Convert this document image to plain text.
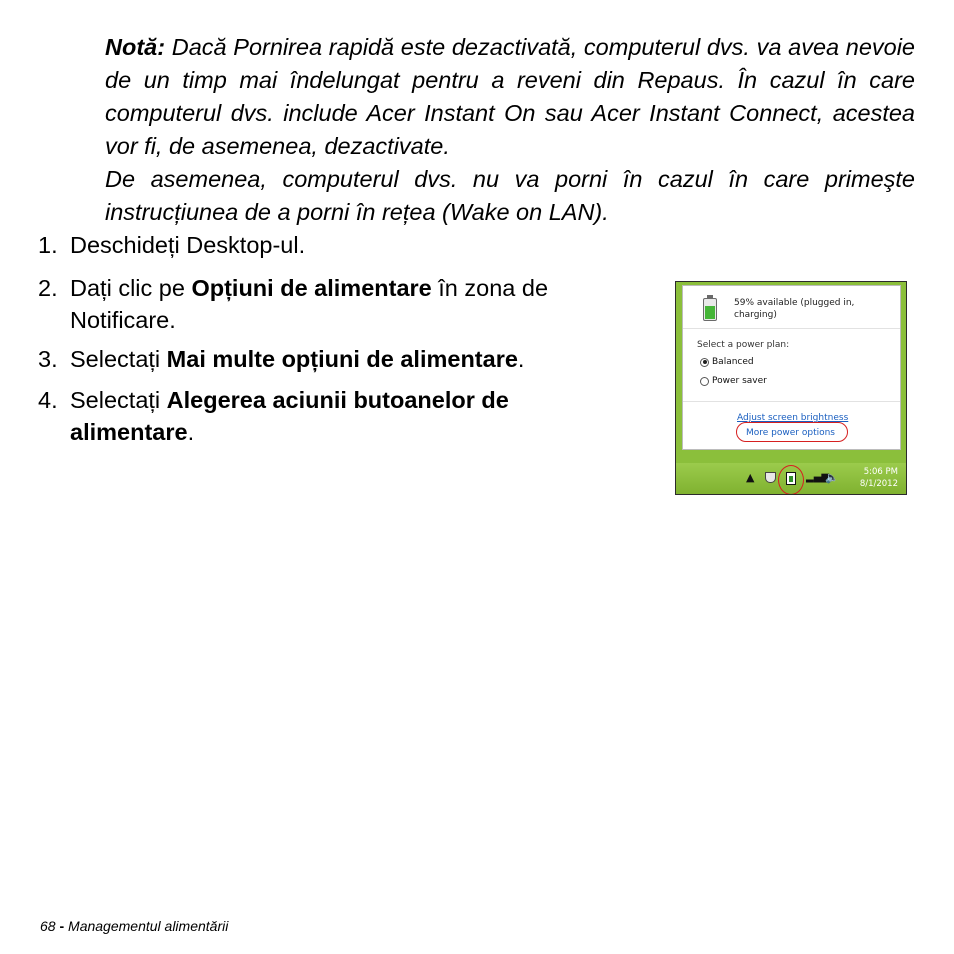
Notă: Dacă Pornirea rapidă este dezactivată, computerul dvs. va avea nevoie de un timp mai îndelungat pentru a reveni din Repaus. În cazul în care computerul dvs. include Acer Instant On sau Acer Instant Connect, acestea vor fi, de asemenea, dezactivate.

De asemenea, computerul dvs. nu va porni în cazul în care primeşte instrucțiunea de a porni în rețea (Wake on LAN).

1. Deschideți Desktop-ul.
2. Dați clic pe Opțiuni de alimentare în zona de Notificare.
3. Selectați Mai multe opțiuni de alimentare.
4. Selectați Alegerea aciunii butoanelor de alimentare.
59% available (plugged in, charging)
Select a power plan:
Balanced
Power saver
Adjust screen brightness
More power options
▲	▂▄▆
🔈	5:06 PM
8/1/2012
68 - Managementul alimentării
